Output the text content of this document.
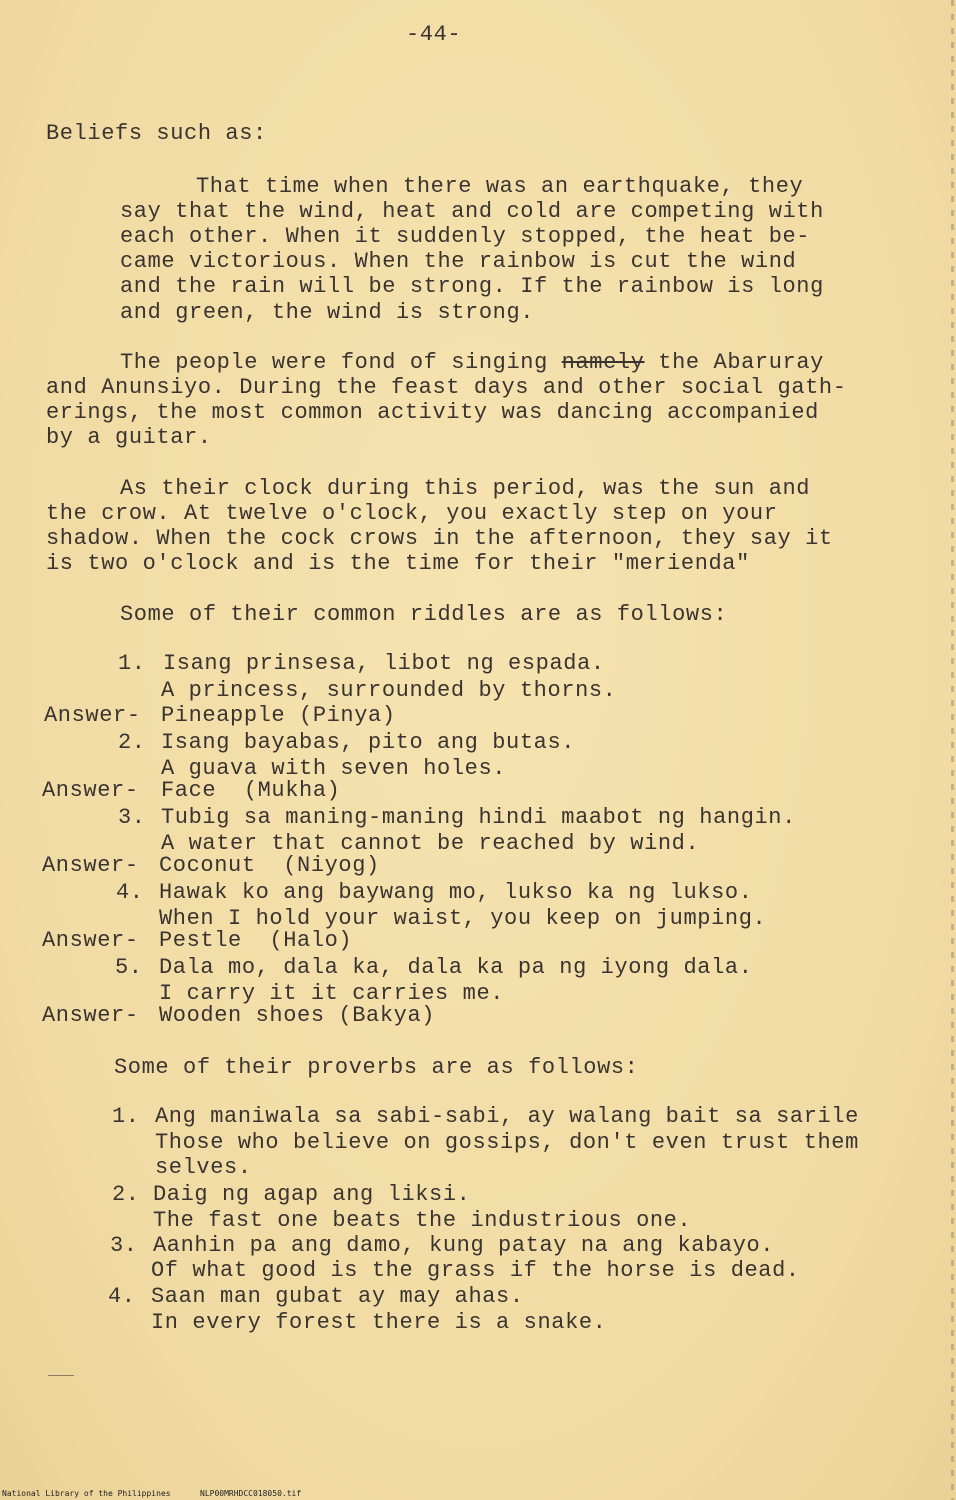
-44-
Beliefs such as:
That time when there was an earthquake, they
say that the wind, heat and cold are competing with
each other. When it suddenly stopped, the heat be-
came victorious. When the rainbow is cut the wind
and the rain will be strong. If the rainbow is long
and green, the wind is strong.
The people were fond of singing namely the Abaruray
and Anunsiyo. During the feast days and other social gath-
erings, the most common activity was dancing accompanied
by a guitar.
As their clock during this period, was the sun and
the crow. At twelve o'clock, you exactly step on your
shadow. When the cock crows in the afternoon, they say it
is two o'clock and is the time for their "merienda"
Some of their common riddles are as follows:
1. Isang prinsesa, libot ng espada.
A princess, surrounded by thorns.
Answer- Pineapple (Pinya)
2. Isang bayabas, pito ang butas.
A guava with seven holes.
Answer- Face  (Mukha)
3. Tubig sa maning-maning hindi maabot ng hangin.
A water that cannot be reached by wind.
Answer- Coconut  (Niyog)
4. Hawak ko ang baywang mo, lukso ka ng lukso.
When I hold your waist, you keep on jumping.
Answer- Pestle  (Halo)
5. Dala mo, dala ka, dala ka pa ng iyong dala.
I carry it it carries me.
Answer- Wooden shoes (Bakya)
Some of their proverbs are as follows:
1. Ang maniwala sa sabi-sabi, ay walang bait sa sarile
Those who believe on gossips, don't even trust them
selves.
2. Daig ng agap ang liksi.
The fast one beats the industrious one.
3. Aanhin pa ang damo, kung patay na ang kabayo.
Of what good is the grass if the horse is dead.
4. Saan man gubat ay may ahas.
In every forest there is a snake.
National Library of the Philippines	NLP00MRHDCC018050.tif
